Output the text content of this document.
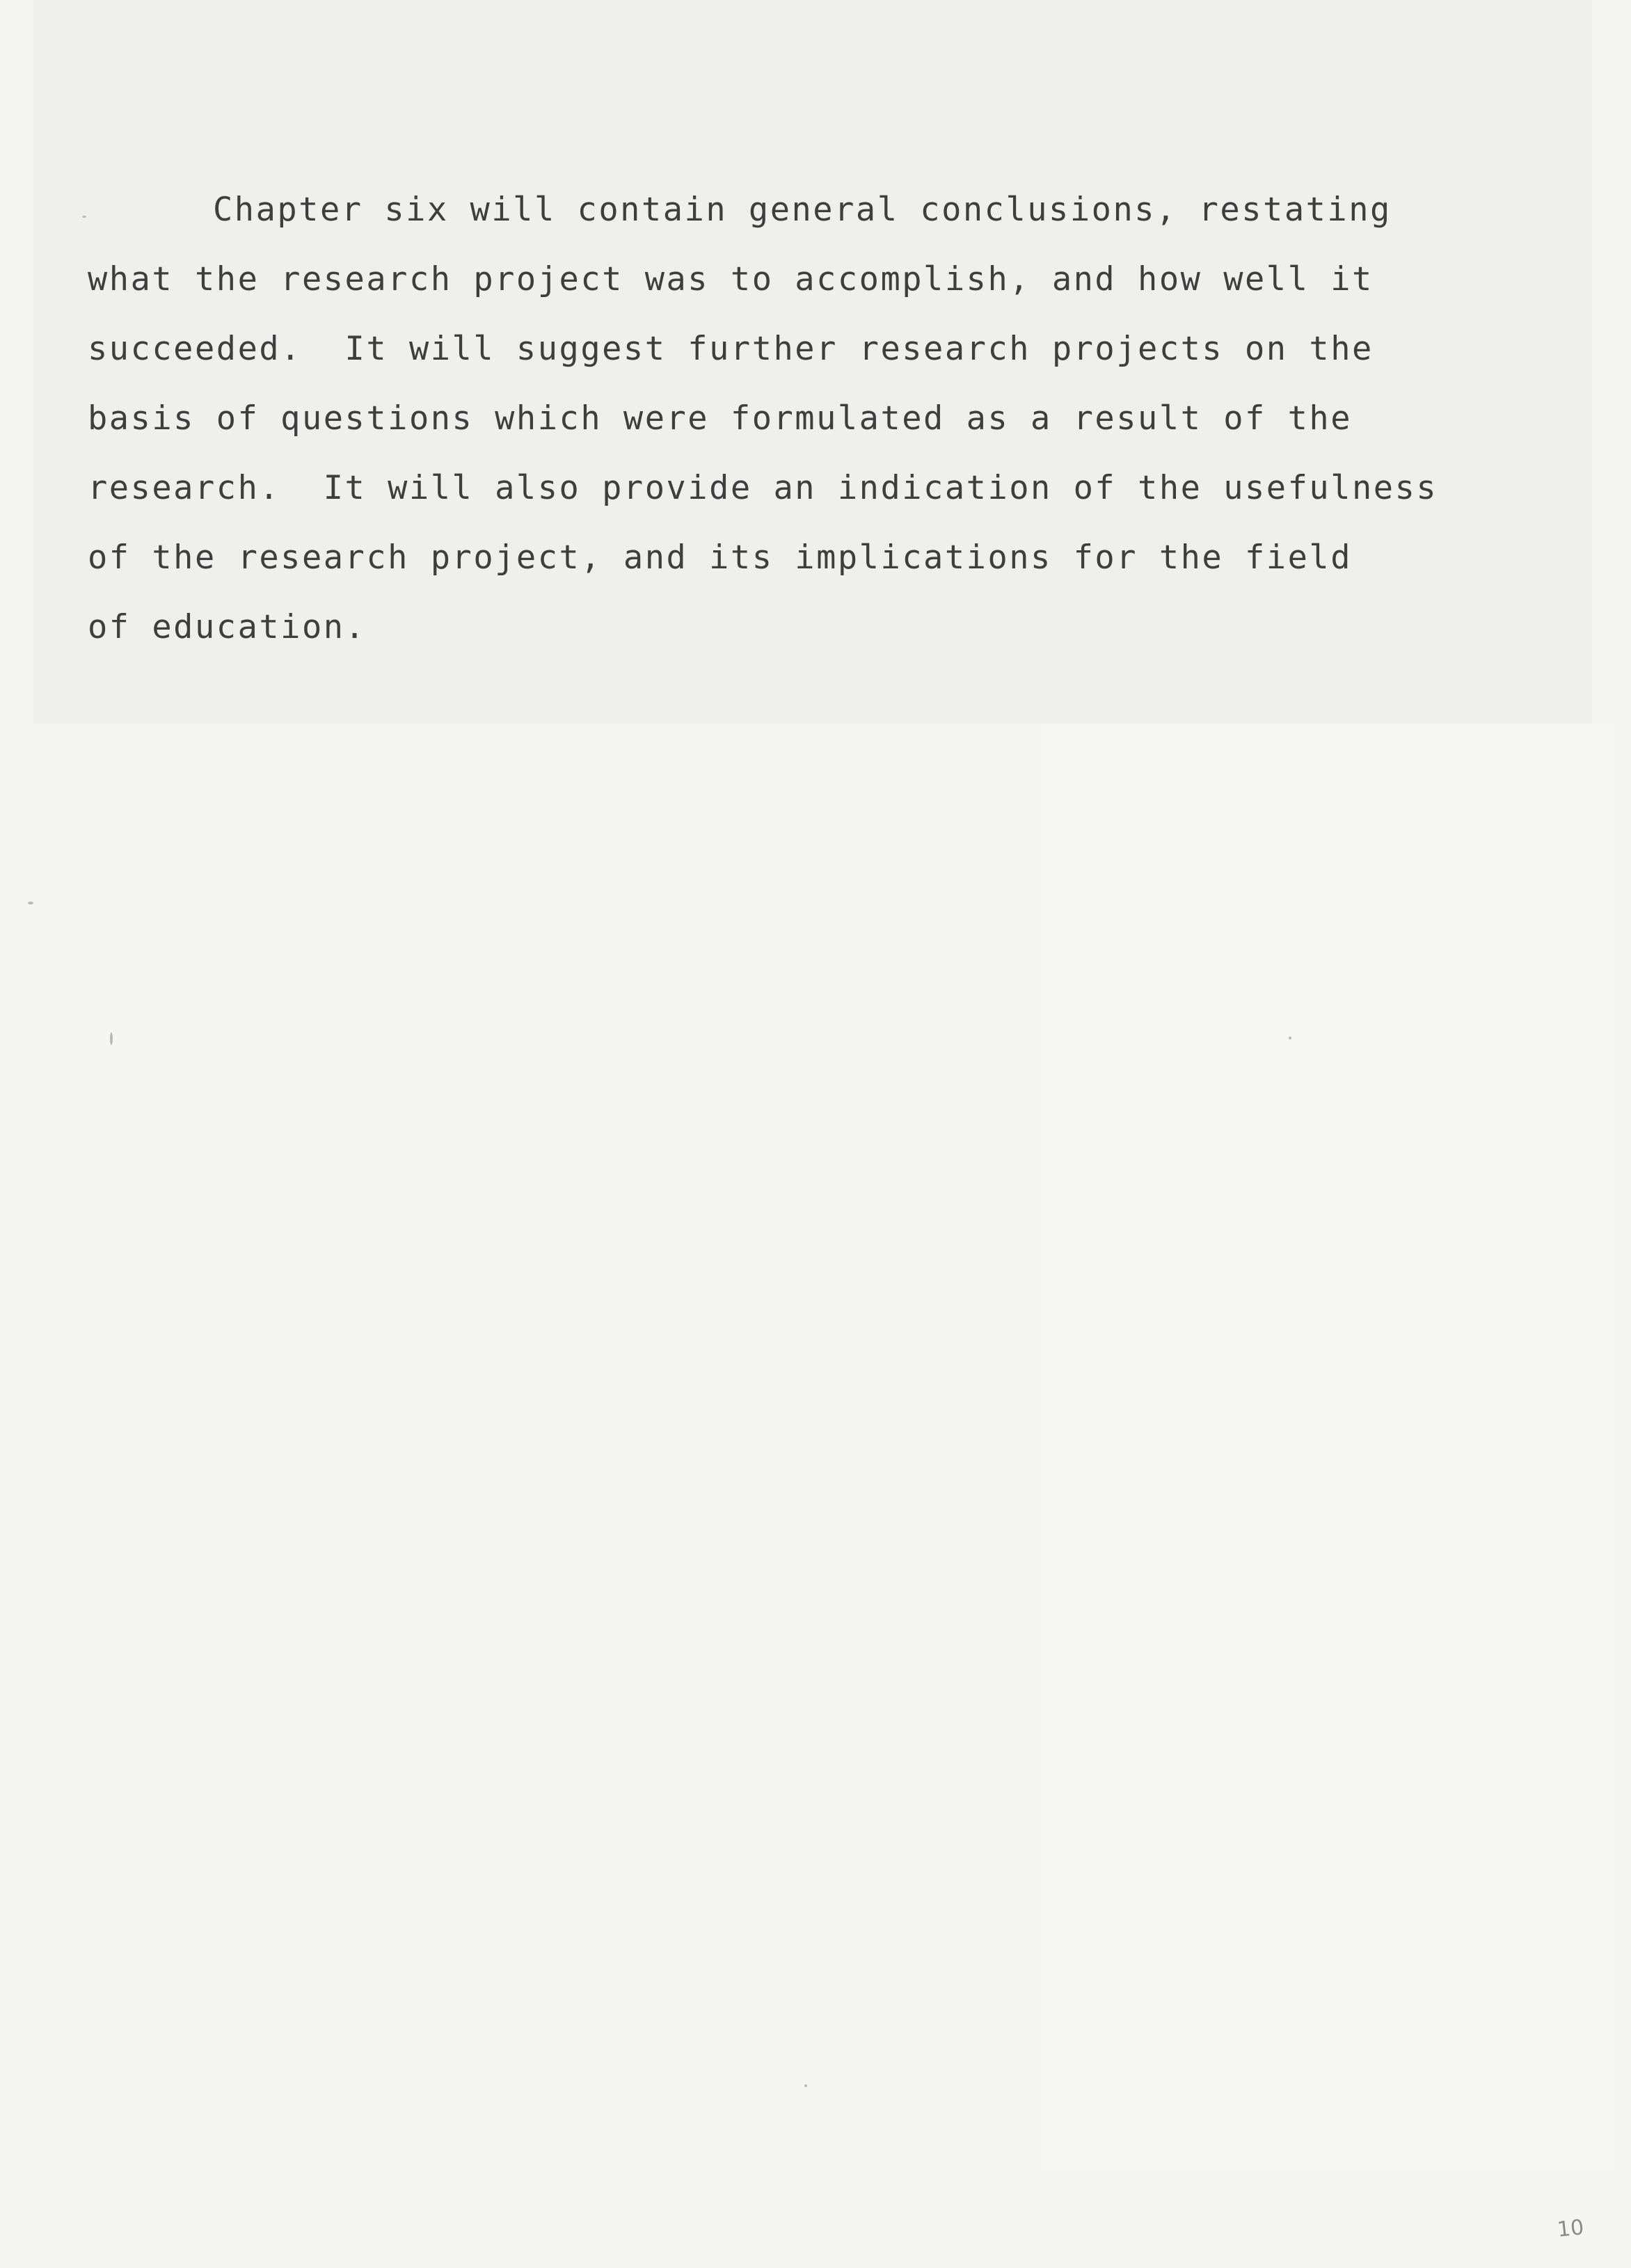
Chapter six will contain general conclusions, restating
what the research project was to accomplish, and how well it
succeeded.  It will suggest further research projects on the
basis of questions which were formulated as a result of the
research.  It will also provide an indication of the usefulness
of the research project, and its implications for the field
of education.
10
